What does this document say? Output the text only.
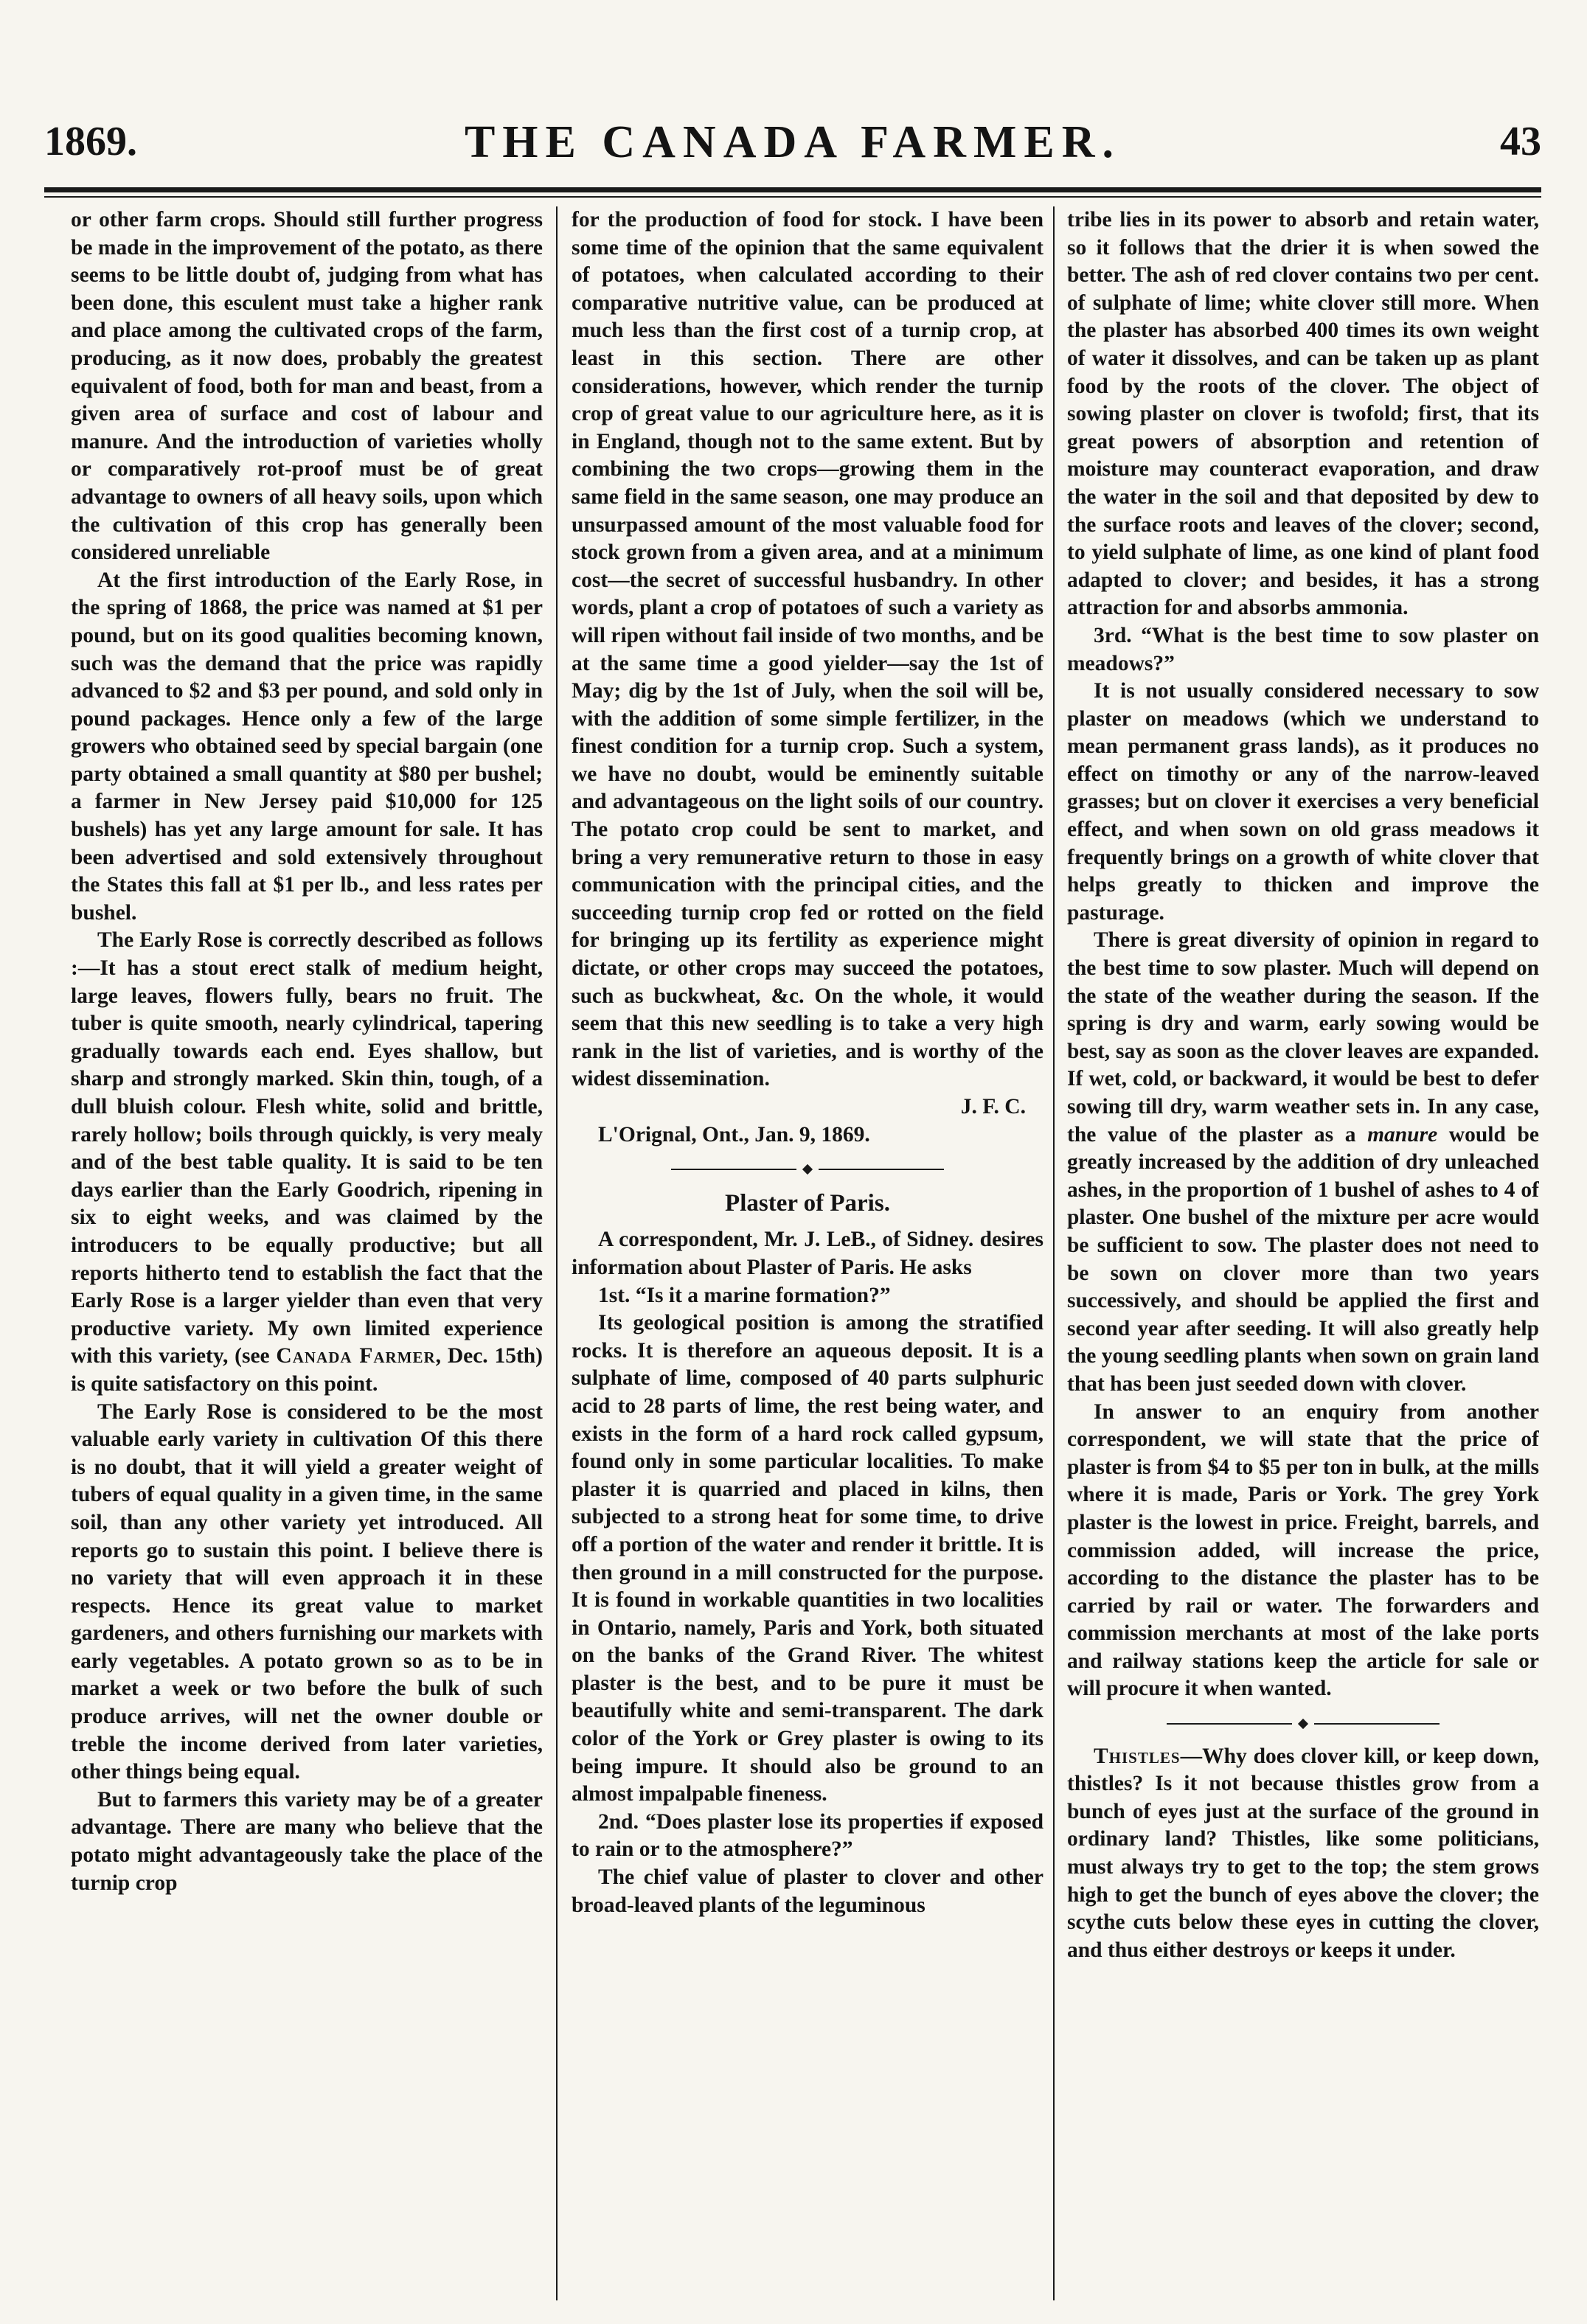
1869.	THE CANADA FARMER.	43

or other farm crops. Should still further progress be made in the improvement of the potato, as there seems to be little doubt of, judging from what has been done, this esculent must take a higher rank and place among the cultivated crops of the farm, producing, as it now does, probably the greatest equivalent of food, both for man and beast, from a given area of surface and cost of labour and manure. And the introduction of varieties wholly or comparatively rot-proof must be of great advantage to owners of all heavy soils, upon which the cultivation of this crop has generally been considered unreliable

At the first introduction of the Early Rose, in the spring of 1868, the price was named at $1 per pound, but on its good qualities becoming known, such was the demand that the price was rapidly advanced to $2 and $3 per pound, and sold only in pound packages. Hence only a few of the large growers who obtained seed by special bargain (one party obtained a small quantity at $80 per bushel; a farmer in New Jersey paid $10,000 for 125 bushels) has yet any large amount for sale. It has been advertised and sold extensively throughout the States this fall at $1 per lb., and less rates per bushel.

The Early Rose is correctly described as follows :—It has a stout erect stalk of medium height, large leaves, flowers fully, bears no fruit. The tuber is quite smooth, nearly cylindrical, tapering gradually towards each end. Eyes shallow, but sharp and strongly marked. Skin thin, tough, of a dull bluish colour. Flesh white, solid and brittle, rarely hollow; boils through quickly, is very mealy and of the best table quality. It is said to be ten days earlier than the Early Goodrich, ripening in six to eight weeks, and was claimed by the introducers to be equally productive; but all reports hitherto tend to establish the fact that the Early Rose is a larger yielder than even that very productive variety. My own limited experience with this variety, (see Canada Farmer, Dec. 15th) is quite satisfactory on this point.

The Early Rose is considered to be the most valuable early variety in cultivation Of this there is no doubt, that it will yield a greater weight of tubers of equal quality in a given time, in the same soil, than any other variety yet introduced. All reports go to sustain this point. I believe there is no variety that will even approach it in these respects. Hence its great value to market gardeners, and others furnishing our markets with early vegetables. A potato grown so as to be in market a week or two before the bulk of such produce arrives, will net the owner double or treble the income derived from later varieties, other things being equal.

But to farmers this variety may be of a greater advantage. There are many who believe that the potato might advantageously take the place of the turnip crop

for the production of food for stock. I have been some time of the opinion that the same equivalent of potatoes, when calculated according to their comparative nutritive value, can be produced at much less than the first cost of a turnip crop, at least in this section. There are other considerations, however, which render the turnip crop of great value to our agriculture here, as it is in England, though not to the same extent. But by combining the two crops—growing them in the same field in the same season, one may produce an unsurpassed amount of the most valuable food for stock grown from a given area, and at a minimum cost—the secret of successful husbandry. In other words, plant a crop of potatoes of such a variety as will ripen without fail inside of two months, and be at the same time a good yielder—say the 1st of May; dig by the 1st of July, when the soil will be, with the addition of some simple fertilizer, in the finest condition for a turnip crop. Such a system, we have no doubt, would be eminently suitable and advantageous on the light soils of our country. The potato crop could be sent to market, and bring a very remunerative return to those in easy communication with the principal cities, and the succeeding turnip crop fed or rotted on the field for bringing up its fertility as experience might dictate, or other crops may succeed the potatoes, such as buckwheat, &c. On the whole, it would seem that this new seedling is to take a very high rank in the list of varieties, and is worthy of the widest dissemination.

J. F. C.

L'Orignal, Ont., Jan. 9, 1869.

Plaster of Paris.

A correspondent, Mr. J. LeB., of Sidney. desires information about Plaster of Paris. He asks

1st. “Is it a marine formation?”

Its geological position is among the stratified rocks. It is therefore an aqueous deposit. It is a sulphate of lime, composed of 40 parts sulphuric acid to 28 parts of lime, the rest being water, and exists in the form of a hard rock called gypsum, found only in some particular localities. To make plaster it is quarried and placed in kilns, then subjected to a strong heat for some time, to drive off a portion of the water and render it brittle. It is then ground in a mill constructed for the purpose. It is found in workable quantities in two localities in Ontario, namely, Paris and York, both situated on the banks of the Grand River. The whitest plaster is the best, and to be pure it must be beautifully white and semi-transparent. The dark color of the York or Grey plaster is owing to its being impure. It should also be ground to an almost impalpable fineness.

2nd. “Does plaster lose its properties if exposed to rain or to the atmosphere?”

The chief value of plaster to clover and other broad-leaved plants of the leguminous

tribe lies in its power to absorb and retain water, so it follows that the drier it is when sowed the better. The ash of red clover contains two per cent. of sulphate of lime; white clover still more. When the plaster has absorbed 400 times its own weight of water it dissolves, and can be taken up as plant food by the roots of the clover. The object of sowing plaster on clover is twofold; first, that its great powers of absorption and retention of moisture may counteract evaporation, and draw the water in the soil and that deposited by dew to the surface roots and leaves of the clover; second, to yield sulphate of lime, as one kind of plant food adapted to clover; and besides, it has a strong attraction for and absorbs ammonia.

3rd. “What is the best time to sow plaster on meadows?”

It is not usually considered necessary to sow plaster on meadows (which we understand to mean permanent grass lands), as it produces no effect on timothy or any of the narrow-leaved grasses; but on clover it exercises a very beneficial effect, and when sown on old grass meadows it frequently brings on a growth of white clover that helps greatly to thicken and improve the pasturage.

There is great diversity of opinion in regard to the best time to sow plaster. Much will depend on the state of the weather during the season. If the spring is dry and warm, early sowing would be best, say as soon as the clover leaves are expanded. If wet, cold, or backward, it would be best to defer sowing till dry, warm weather sets in. In any case, the value of the plaster as a manure would be greatly increased by the addition of dry unleached ashes, in the proportion of 1 bushel of ashes to 4 of plaster. One bushel of the mixture per acre would be sufficient to sow. The plaster does not need to be sown on clover more than two years successively, and should be applied the first and second year after seeding. It will also greatly help the young seedling plants when sown on grain land that has been just seeded down with clover.

In answer to an enquiry from another correspondent, we will state that the price of plaster is from $4 to $5 per ton in bulk, at the mills where it is made, Paris or York. The grey York plaster is the lowest in price. Freight, barrels, and commission added, will increase the price, according to the distance the plaster has to be carried by rail or water. The forwarders and commission merchants at most of the lake ports and railway stations keep the article for sale or will procure it when wanted.

Thistles—Why does clover kill, or keep down, thistles? Is it not because thistles grow from a bunch of eyes just at the surface of the ground in ordinary land? Thistles, like some politicians, must always try to get to the top; the stem grows high to get the bunch of eyes above the clover; the scythe cuts below these eyes in cutting the clover, and thus either destroys or keeps it under.
